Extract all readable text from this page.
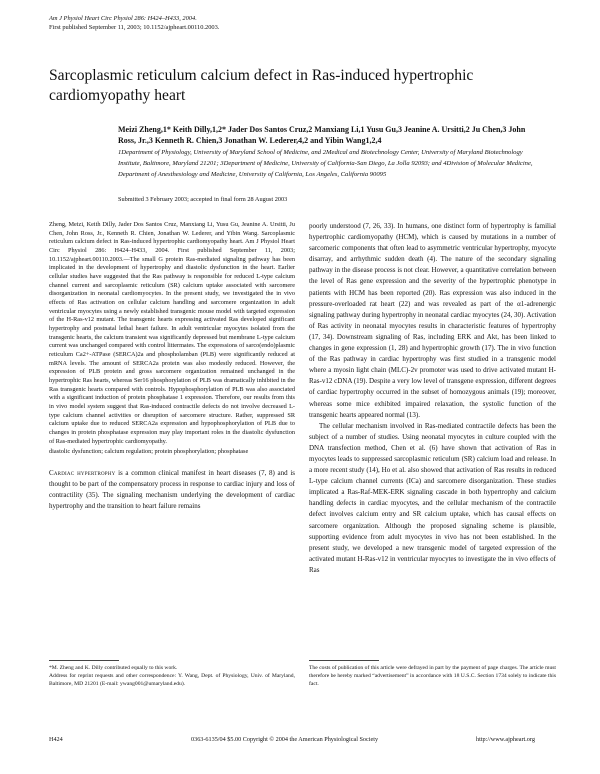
Am J Physiol Heart Circ Physiol 286: H424–H433, 2004.
First published September 11, 2003; 10.1152/ajpheart.00110.2003.
Sarcoplasmic reticulum calcium defect in Ras-induced hypertrophic cardiomyopathy heart
Meizi Zheng,1* Keith Dilly,1,2* Jader Dos Santos Cruz,2 Manxiang Li,1 Yusu Gu,3 Jeanine A. Ursitti,2 Ju Chen,3 John Ross, Jr.,3 Kenneth R. Chien,3 Jonathan W. Lederer,4,2 and Yibin Wang1,2,4
1Department of Physiology, University of Maryland School of Medicine, and 2Medical and Biotechnology Center, University of Maryland Biotechnology Institute, Baltimore, Maryland 21201; 3Department of Medicine, University of California-San Diego, La Jolla 92093; and 4Division of Molecular Medicine, Department of Anesthesiology and Medicine, University of California, Los Angeles, California 90095
Submitted 3 February 2003; accepted in final form 28 August 2003
Zheng, Meizi, Keith Dilly, Jader Dos Santos Cruz, Manxiang Li, Yusu Gu, Jeanine A. Ursitti, Ju Chen, John Ross, Jr., Kenneth R. Chien, Jonathan W. Lederer, and Yibin Wang. Sarcoplasmic reticulum calcium defect in Ras-induced hypertrophic cardiomyopathy heart. Am J Physiol Heart Circ Physiol 286: H424–H433, 2004. First published September 11, 2003; 10.1152/ajpheart.00110.2003.—The small G protein Ras-mediated signaling pathway has been implicated in the development of hypertrophy and diastolic dysfunction in the heart. Earlier cellular studies have suggested that the Ras pathway is responsible for reduced L-type calcium channel current and sarcoplasmic reticulum (SR) calcium uptake associated with sarcomere disorganization in neonatal cardiomyocytes. In the present study, we investigated the in vivo effects of Ras activation on cellular calcium handling and sarcomere organization in adult ventricular myocytes using a newly established transgenic mouse model with targeted expression of the H-Ras-v12 mutant. The transgenic hearts expressing activated Ras developed significant hypertrophy and postnatal lethal heart failure. In adult ventricular myocytes isolated from the transgenic hearts, the calcium transient was significantly depressed but membrane L-type calcium current was unchanged compared with control littermates. The expressions of sarco(endo)plasmic reticulum Ca2+-ATPase (SERCA)2a and phospholamban (PLB) were significantly reduced at mRNA levels. The amount of SERCA2a protein was also modestly reduced. However, the expression of PLB protein and gross sarcomere organization remained unchanged in the hypertrophic Ras hearts, whereas Ser16 phosphorylation of PLB was dramatically inhibited in the Ras transgenic hearts compared with controls. Hypophosphorylation of PLB was also associated with a significant induction of protein phosphatase 1 expression. Therefore, our results from this in vivo model system suggest that Ras-induced contractile defects do not involve decreased L-type calcium channel activities or disruption of sarcomere structure. Rather, suppressed SR calcium uptake due to reduced SERCA2a expression and hypophosphorylation of PLB due to changes in protein phosphatase expression may play important roles in the diastolic dysfunction of Ras-mediated hypertrophic cardiomyopathy.
diastolic dysfunction; calcium regulation; protein phosphorylation; phosphatase
Cardiac hypertrophy is a common clinical manifest in heart diseases (7, 8) and is thought to be part of the compensatory process in response to cardiac injury and loss of contractility (35). The signaling mechanism underlying the development of cardiac hypertrophy and the transition to heart failure remains

poorly understood (7, 26, 33). In humans, one distinct form of hypertrophy is familial hypertrophic cardiomyopathy (HCM), which is caused by mutations in a number of sarcomeric components that often lead to asymmetric ventricular hypertrophy, myocyte disarray, and arrhythmic sudden death (4). The nature of the secondary signaling pathway in the disease process is not clear. However, a quantitative correlation between the level of Ras gene expression and the severity of the hypertrophic phenotype in patients with HCM has been reported (20). Ras expression was also induced in the pressure-overloaded rat heart (22) and was revealed as part of the α1-adrenergic signaling pathway during hypertrophy in neonatal cardiac myocytes (24, 30). Activation of Ras activity in neonatal myocytes results in characteristic features of hypertrophy (17, 34). Downstream signaling of Ras, including ERK and Akt, has been linked to changes in gene expression (1, 28) and hypertrophic growth (17). The in vivo function of the Ras pathway in cardiac hypertrophy was first studied in a transgenic model where a myosin light chain (MLC)-2v promoter was used to drive activated mutant H-Ras-v12 cDNA (19). Despite a very low level of transgene expression, different degrees of cardiac hypertrophy occurred in the subset of homozygous animals (19); moreover, whereas some mice exhibited impaired relaxation, the systolic function of the transgenic hearts appeared normal (13).

The cellular mechanism involved in Ras-mediated contractile defects has been the subject of a number of studies. Using neonatal myocytes in culture coupled with the DNA transfection method, Chen et al. (6) have shown that activation of Ras in myocytes leads to suppressed sarcoplasmic reticulum (SR) calcium load and release. In a more recent study (14), Ho et al. also showed that activation of Ras results in reduced L-type calcium channel currents (ICa) and sarcomere disorganization. These studies implicated a Ras-Raf-MEK-ERK signaling cascade in both hypertrophy and calcium handling defects in cardiac myocytes, and the cellular mechanism of the contractile defect involves calcium entry and SR calcium uptake, which has causal effects on sarcomere organization. Although the proposed signaling scheme is plausible, supporting evidence from adult myocytes in vivo has not been established. In the present study, we developed a new transgenic model of targeted expression of the activated mutant H-Ras-v12 in ventricular myocytes to investigate the in vivo effects of Ras

*M. Zheng and K. Dilly contributed equally to this work.
Address for reprint requests and other correspondence: Y. Wang, Dept. of Physiology, Univ. of Maryland, Baltimore, MD 21201 (E-mail: ywang001@umaryland.edu).
The costs of publication of this article were defrayed in part by the payment of page charges. The article must therefore be hereby marked “advertisement” in accordance with 18 U.S.C. Section 1734 solely to indicate this fact.
H424	0363-6135/04 $5.00 Copyright © 2004 the American Physiological Society	http://www.ajpheart.org
